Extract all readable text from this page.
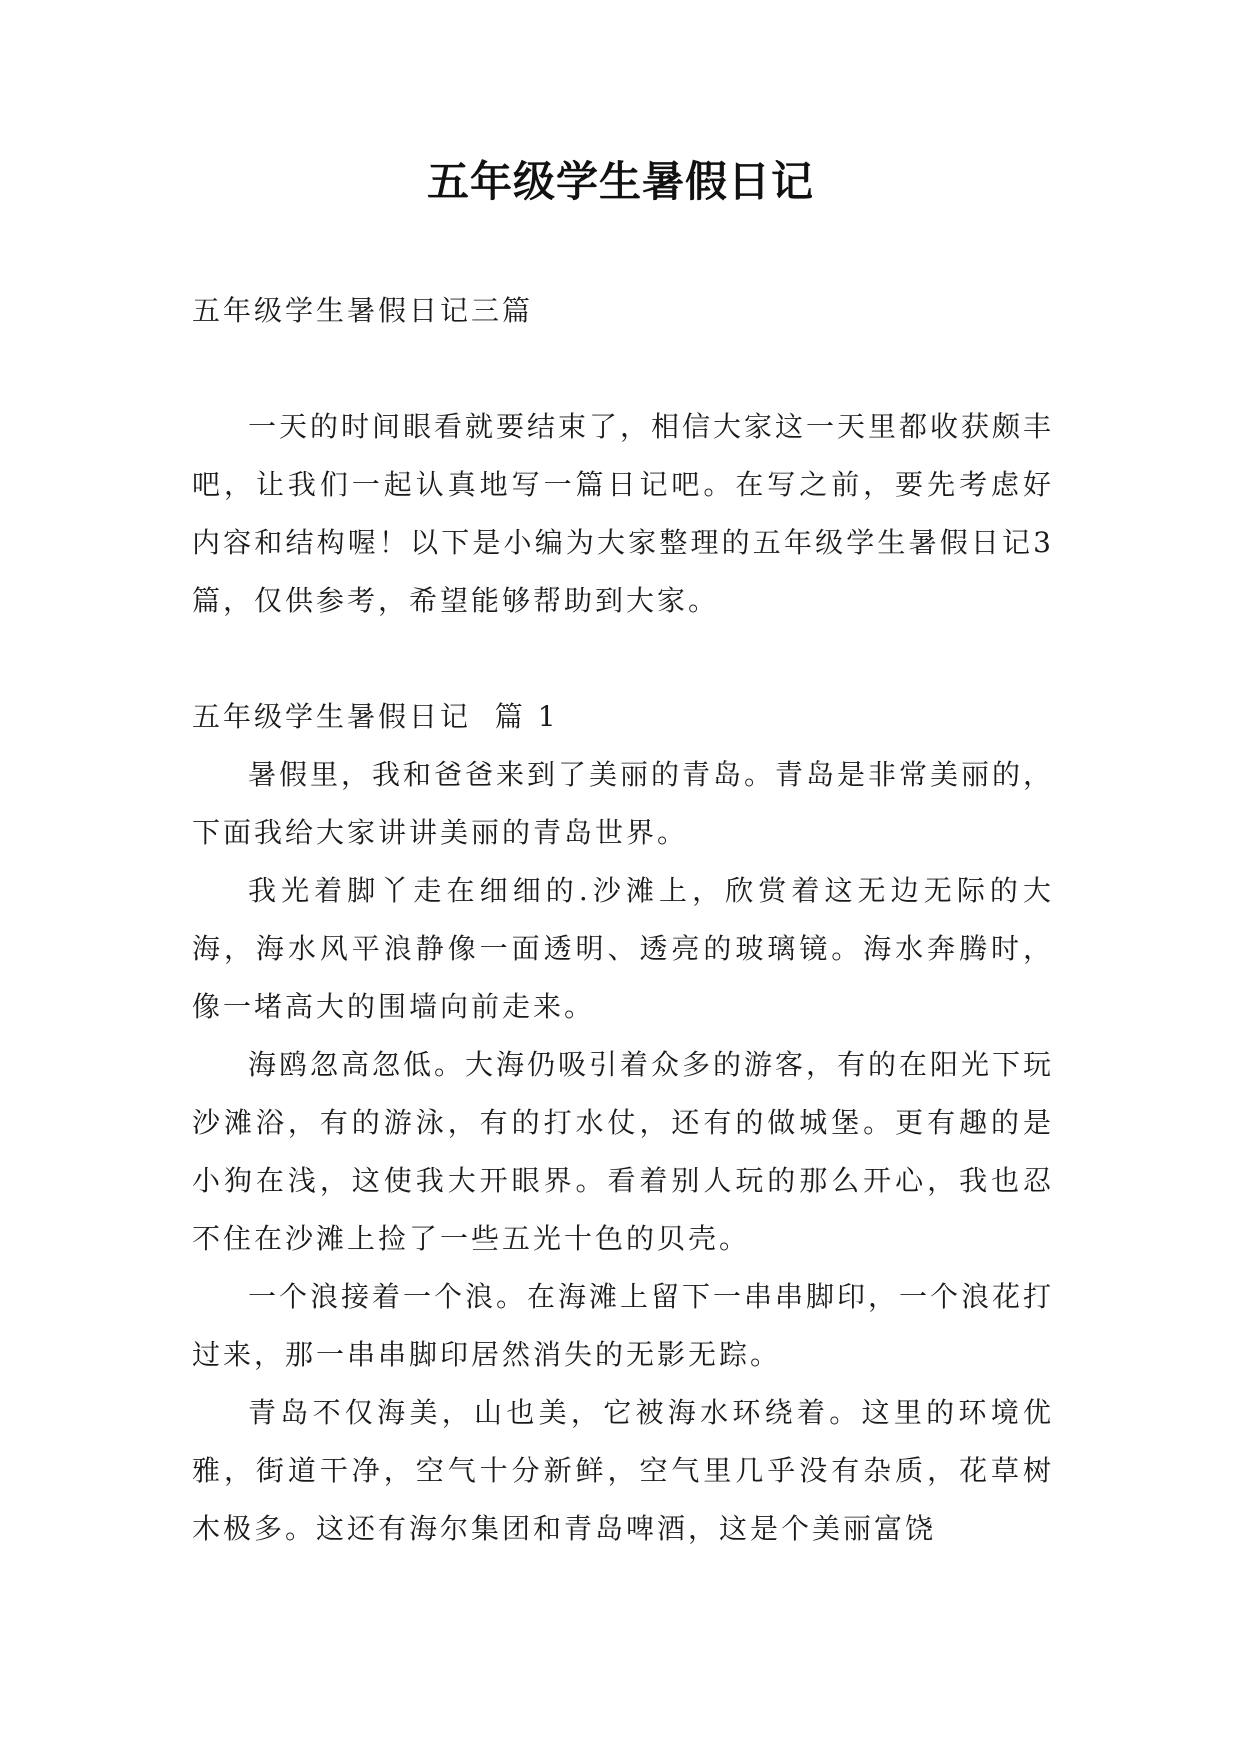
五年级学生暑假日记

五年级学生暑假日记三篇

一天的时间眼看就要结束了，相信大家这一天里都收获颇丰吧，让我们一起认真地写一篇日记吧。在写之前，要先考虑好内容和结构喔！以下是小编为大家整理的五年级学生暑假日记3篇，仅供参考，希望能够帮助到大家。

五年级学生暑假日记  篇 1

暑假里，我和爸爸来到了美丽的青岛。青岛是非常美丽的，下面我给大家讲讲美丽的青岛世界。

我光着脚丫走在细细的.沙滩上，欣赏着这无边无际的大海，海水风平浪静像一面透明、透亮的玻璃镜。海水奔腾时，像一堵高大的围墙向前走来。

海鸥忽高忽低。大海仍吸引着众多的游客，有的在阳光下玩沙滩浴，有的游泳，有的打水仗，还有的做城堡。更有趣的是小狗在浅，这使我大开眼界。看着别人玩的那么开心，我也忍不住在沙滩上捡了一些五光十色的贝壳。

一个浪接着一个浪。在海滩上留下一串串脚印，一个浪花打过来，那一串串脚印居然消失的无影无踪。

青岛不仅海美，山也美，它被海水环绕着。这里的环境优雅，街道干净，空气十分新鲜，空气里几乎没有杂质，花草树木极多。这还有海尔集团和青岛啤酒，这是个美丽富饶
